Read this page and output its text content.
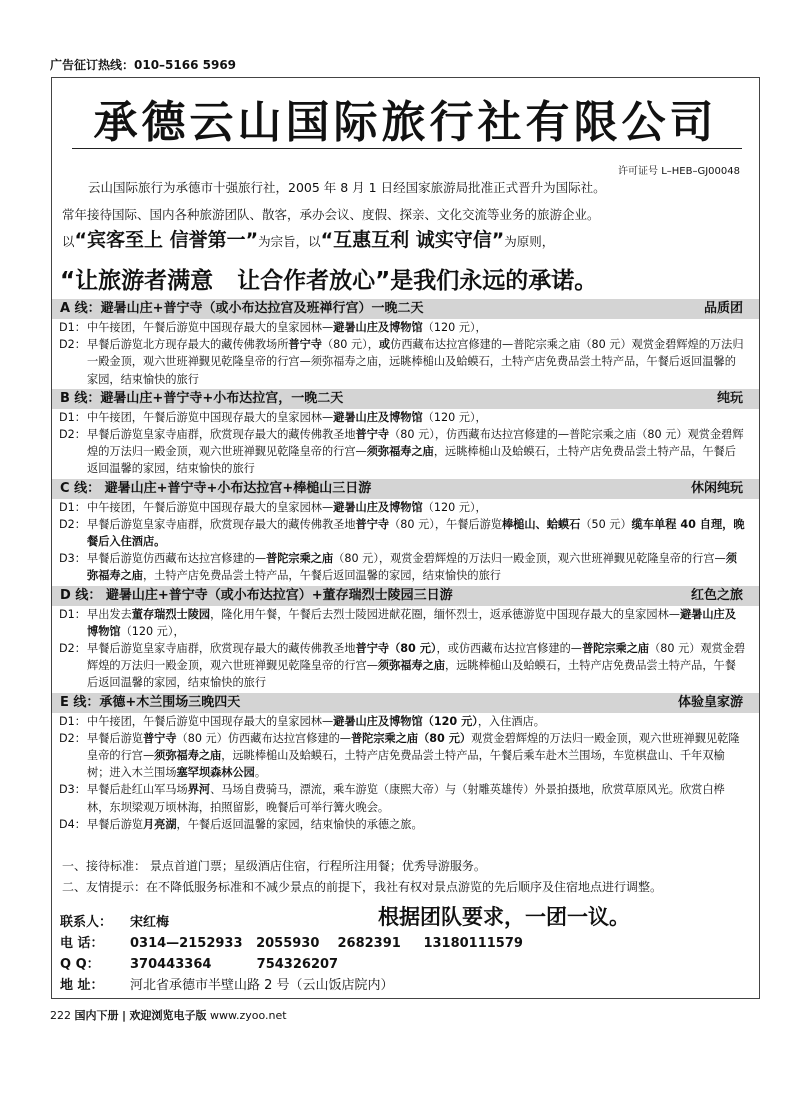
广告征订热线：010–5166 5969
承德云山国际旅行社有限公司
许可证号 L–HEB–GJ00048
云山国际旅行为承德市十强旅行社，2005 年 8 月 1 日经国家旅游局批准正式晋升为国际社。
常年接待国际、国内各种旅游团队、散客，承办会议、度假、探亲、文化交流等业务的旅游企业。
以“宾客至上 信誉第一”为宗旨，以“互惠互利 诚实守信”为原则，
“让旅游者满意 让合作者放心”是我们永远的承诺。
A 线：避暑山庄+普宁寺（或小布达拉宫及班禅行宫）一晚二天	品质团
D1： 中午接团，午餐后游览中国现存最大的皇家园林—避暑山庄及博物馆（120 元），
D2： 早餐后游览北方现存最大的藏传佛教场所普宁寺（80 元），或仿西藏布达拉宫修建的—普陀宗乘之庙（80 元）观赏金碧辉煌的万法归一殿金顶，观六世班禅觐见乾隆皇帝的行宫—须弥福寿之庙，远眺棒槌山及蛤蟆石，土特产店免费品尝土特产品，午餐后返回温馨的家园，结束愉快的旅行
B 线：避暑山庄+普宁寺+小布达拉宫，一晚二天	纯玩
D1： 中午接团，午餐后游览中国现存最大的皇家园林—避暑山庄及博物馆（120 元），
D2： 早餐后游览皇家寺庙群，欣赏现存最大的藏传佛教圣地普宁寺（80 元），仿西藏布达拉宫修建的—普陀宗乘之庙（80 元）观赏金碧辉煌的万法归一殿金顶，观六世班禅觐见乾隆皇帝的行宫—须弥福寿之庙，远眺棒槌山及蛤蟆石，土特产店免费品尝土特产品，午餐后返回温馨的家园，结束愉快的旅行
C 线： 避暑山庄+普宁寺+小布达拉宫+棒槌山三日游	休闲纯玩
D1： 中午接团，午餐后游览中国现存最大的皇家园林—避暑山庄及博物馆（120 元），
D2： 早餐后游览皇家寺庙群，欣赏现存最大的藏传佛教圣地普宁寺（80 元），午餐后游览棒槌山、蛤蟆石（50 元）缆车单程 40 自理，晚餐后入住酒店。
D3： 早餐后游览仿西藏布达拉宫修建的—普陀宗乘之庙（80 元），观赏金碧辉煌的万法归一殿金顶，观六世班禅觐见乾隆皇帝的行宫—须弥福寿之庙，土特产店免费品尝土特产品，午餐后返回温馨的家园，结束愉快的旅行
D 线： 避暑山庄+普宁寺（或小布达拉宫）+董存瑞烈士陵园三日游	红色之旅
D1： 早出发去董存瑞烈士陵园，隆化用午餐，午餐后去烈士陵园进献花圈，缅怀烈士，返承德游览中国现存最大的皇家园林—避暑山庄及博物馆（120 元），
D2： 早餐后游览皇家寺庙群，欣赏现存最大的藏传佛教圣地普宁寺（80 元），或仿西藏布达拉宫修建的—普陀宗乘之庙（80 元）观赏金碧辉煌的万法归一殿金顶，观六世班禅觐见乾隆皇帝的行宫—须弥福寿之庙，远眺棒槌山及蛤蟆石，土特产店免费品尝土特产品，午餐后返回温馨的家园，结束愉快的旅行
E 线：承德+木兰围场三晚四天	体验皇家游
D1： 中午接团，午餐后游览中国现存最大的皇家园林—避暑山庄及博物馆（120 元），入住酒店。
D2： 早餐后游览普宁寺（80 元）仿西藏布达拉宫修建的—普陀宗乘之庙（80 元）观赏金碧辉煌的万法归一殿金顶，观六世班禅觐见乾隆皇帝的行宫—须弥福寿之庙，远眺棒槌山及蛤蟆石，土特产店免费品尝土特产品，午餐后乘车赴木兰围场，车览棋盘山、千年双榆树；进入木兰围场塞罕坝森林公园。
D3： 早餐后赴红山军马场界河、马场自费骑马，漂流，乘车游览（康熙大帝）与（射雕英雄传）外景拍摄地，欣赏草原风光。欣赏白桦林，东坝梁观万顷林海，拍照留影，晚餐后可举行篝火晚会。
D4： 早餐后游览月亮湖，午餐后返回温馨的家园，结束愉快的承德之旅。
一、接待标准： 景点首道门票；星级酒店住宿，行程所注用餐；优秀导游服务。
二、友情提示：在不降低服务标准和不减少景点的前提下，我社有权对景点游览的先后顺序及住宿地点进行调整。
根据团队要求，一团一议。
联系人：	宋红梅
电 话：	0314—2152933   2055930    2682391     13180111579
Q Q：	370443364          754326207
地 址：	河北省承德市半壁山路 2 号（云山饭店院内）
222 国内下册 | 欢迎浏览电子版 www.zyoo.net
